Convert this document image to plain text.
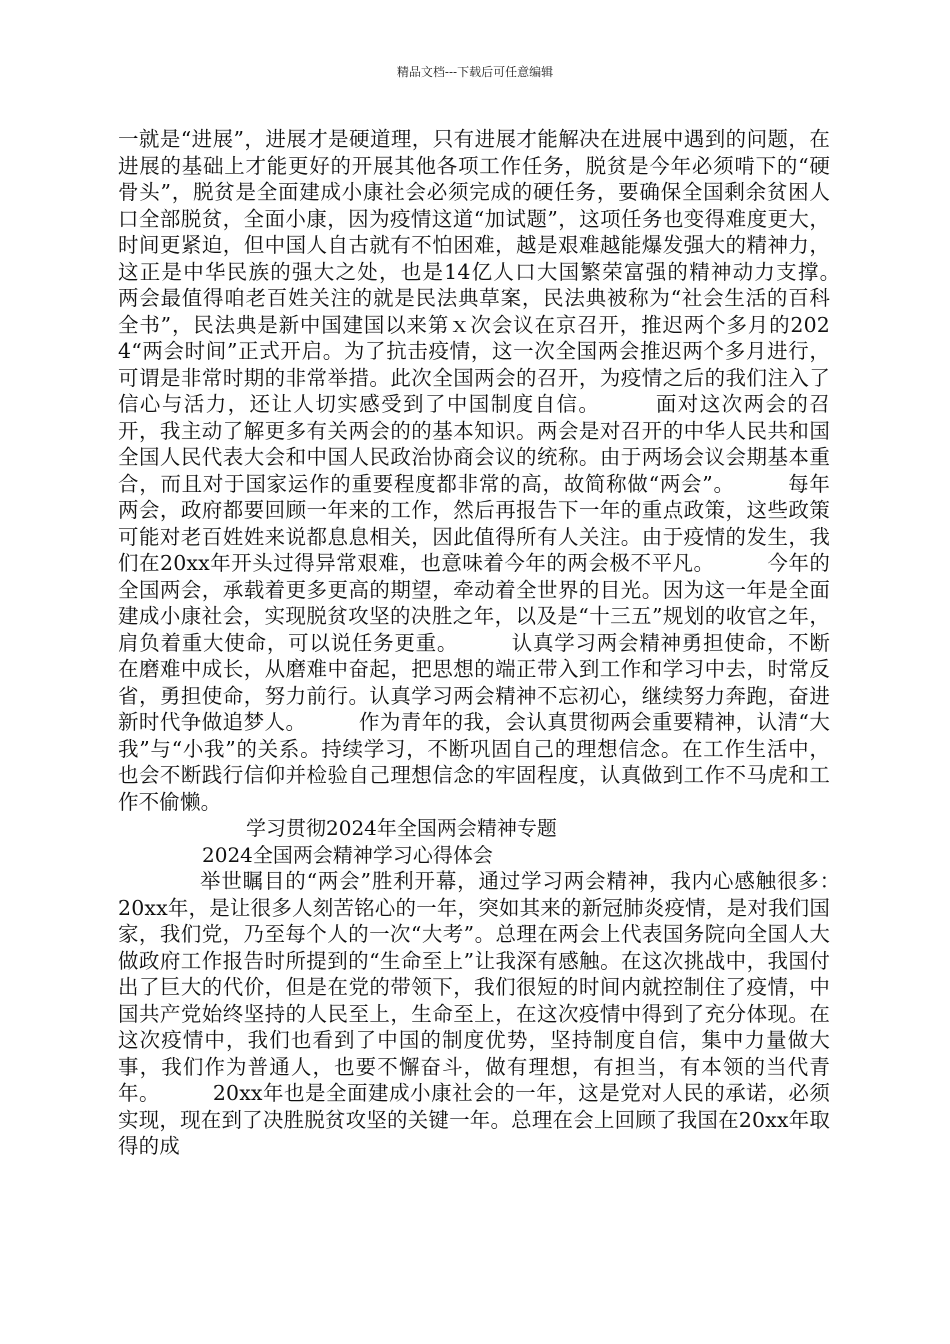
精品文档---下载后可任意编辑

一就是“进展”，进展才是硬道理，只有进展才能解决在进展中遇到的问题，在进展的基础上才能更好的开展其他各项工作任务，脱贫是今年必须啃下的“硬骨头”，脱贫是全面建成小康社会必须完成的硬任务，要确保全国剩余贫困人口全部脱贫，全面小康，因为疫情这道“加试题”，这项任务也变得难度更大，时间更紧迫，但中国人自古就有不怕困难，越是艰难越能爆发强大的精神力，这正是中华民族的强大之处，也是14亿人口大国繁荣富强的精神动力支撑。　　　两会最值得咱老百姓关注的就是民法典草案，民法典被称为“社会生活的百科全书”，民法典是新中国建国以来第ｘ次会议在京召开，推迟两个多月的2024“两会时间”正式开启。为了抗击疫情，这一次全国两会推迟两个多月进行，可谓是非常时期的非常举措。此次全国两会的召开，为疫情之后的我们注入了信心与活力，还让人切实感受到了中国制度自信。　　　面对这次两会的召开，我主动了解更多有关两会的的基本知识。两会是对召开的中华人民共和国全国人民代表大会和中国人民政治协商会议的统称。由于两场会议会期基本重合，而且对于国家运作的重要程度都非常的高，故简称做“两会”。　　　每年两会，政府都要回顾一年来的工作，然后再报告下一年的重点政策，这些政策可能对老百姓姓来说都息息相关，因此值得所有人关注。由于疫情的发生，我们在20xx年开头过得异常艰难，也意味着今年的两会极不平凡。　　　今年的全国两会，承载着更多更高的期望，牵动着全世界的目光。因为这一年是全面建成小康社会，实现脱贫攻坚的决胜之年，以及是“十三五”规划的收官之年，肩负着重大使命，可以说任务更重。　　　认真学习两会精神勇担使命，不断在磨难中成长，从磨难中奋起，把思想的端正带入到工作和学习中去，时常反省，勇担使命，努力前行。认真学习两会精神不忘初心，继续努力奔跑，奋进新时代争做追梦人。　　　作为青年的我，会认真贯彻两会重要精神，认清“大我”与“小我”的关系。持续学习，不断巩固自己的理想信念。在工作生活中，也会不断践行信仰并检验自己理想信念的牢固程度，认真做到工作不马虎和工作不偷懒。

学习贯彻2024年全国两会精神专题

2024全国两会精神学习心得体会

举世瞩目的“两会”胜利开幕，通过学习两会精神，我内心感触很多：　　　20xx年，是让很多人刻苦铭心的一年，突如其来的新冠肺炎疫情，是对我们国家，我们党，乃至每个人的一次“大考”。总理在两会上代表国务院向全国人大做政府工作报告时所提到的“生命至上”让我深有感触。在这次挑战中，我国付出了巨大的代价，但是在党的带领下，我们很短的时间内就控制住了疫情，中国共产党始终坚持的人民至上，生命至上，在这次疫情中得到了充分体现。在这次疫情中，我们也看到了中国的制度优势，坚持制度自信，集中力量做大事，我们作为普通人，也要不懈奋斗，做有理想，有担当，有本领的当代青年。　　　20xx年也是全面建成小康社会的一年，这是党对人民的承诺，必须实现，现在到了决胜脱贫攻坚的关键一年。总理在会上回顾了我国在20xx年取得的成
